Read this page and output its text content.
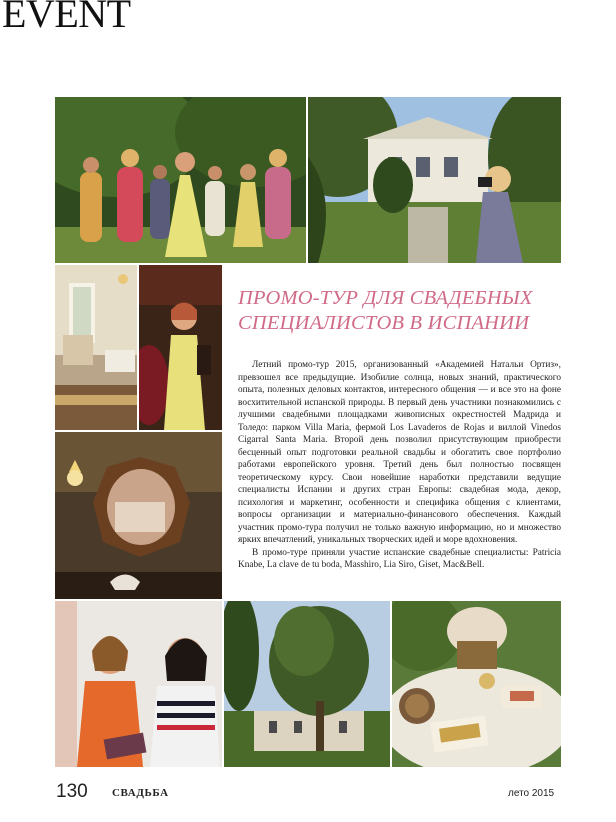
EVENT
ПРОМО-ТУР ДЛЯ СВАДЕБНЫХ
СПЕЦИАЛИСТОВ В ИСПАНИИ

Летний промо-тур 2015, организованный «Академией Натальи Ортиз», превзошел все предыдущие. Изобилие солнца, новых знаний, практического опыта, полезных деловых контактов, интересного общения — и все это на фоне восхитительной испанской природы. В первый день участники познакомились с лучшими свадебными площадками живописных окрестностей Мадрида и Толедо: парком Villa Maria, фермой Los Lavaderos de Rojas и виллой Vinedos Cigarral Santa Maria. Второй день позволил присутствующим приобрести бесценный опыт подготовки реальной свадьбы и обогатить свое портфолио работами европейского уровня. Третий день был полностью посвящен теоретическому курсу. Свои новейшие наработки представили ведущие специалисты Испании и других стран Европы: свадебная мода, декор, психология и маркетинг, особенности и специфика общения с клиентами, вопросы организации и материально-финансового обеспечения. Каждый участник промо-тура получил не только важную информацию, но и множество ярких впечатлений, уникальных творческих идей и море вдохновения.

В промо-туре приняли участие испанские свадебные специалисты: Patricia Knabe, La clave de tu boda, Masshiro, Lia Siro, Giset, Mac&Bell.

130 СВАДЬБА	лето 2015
